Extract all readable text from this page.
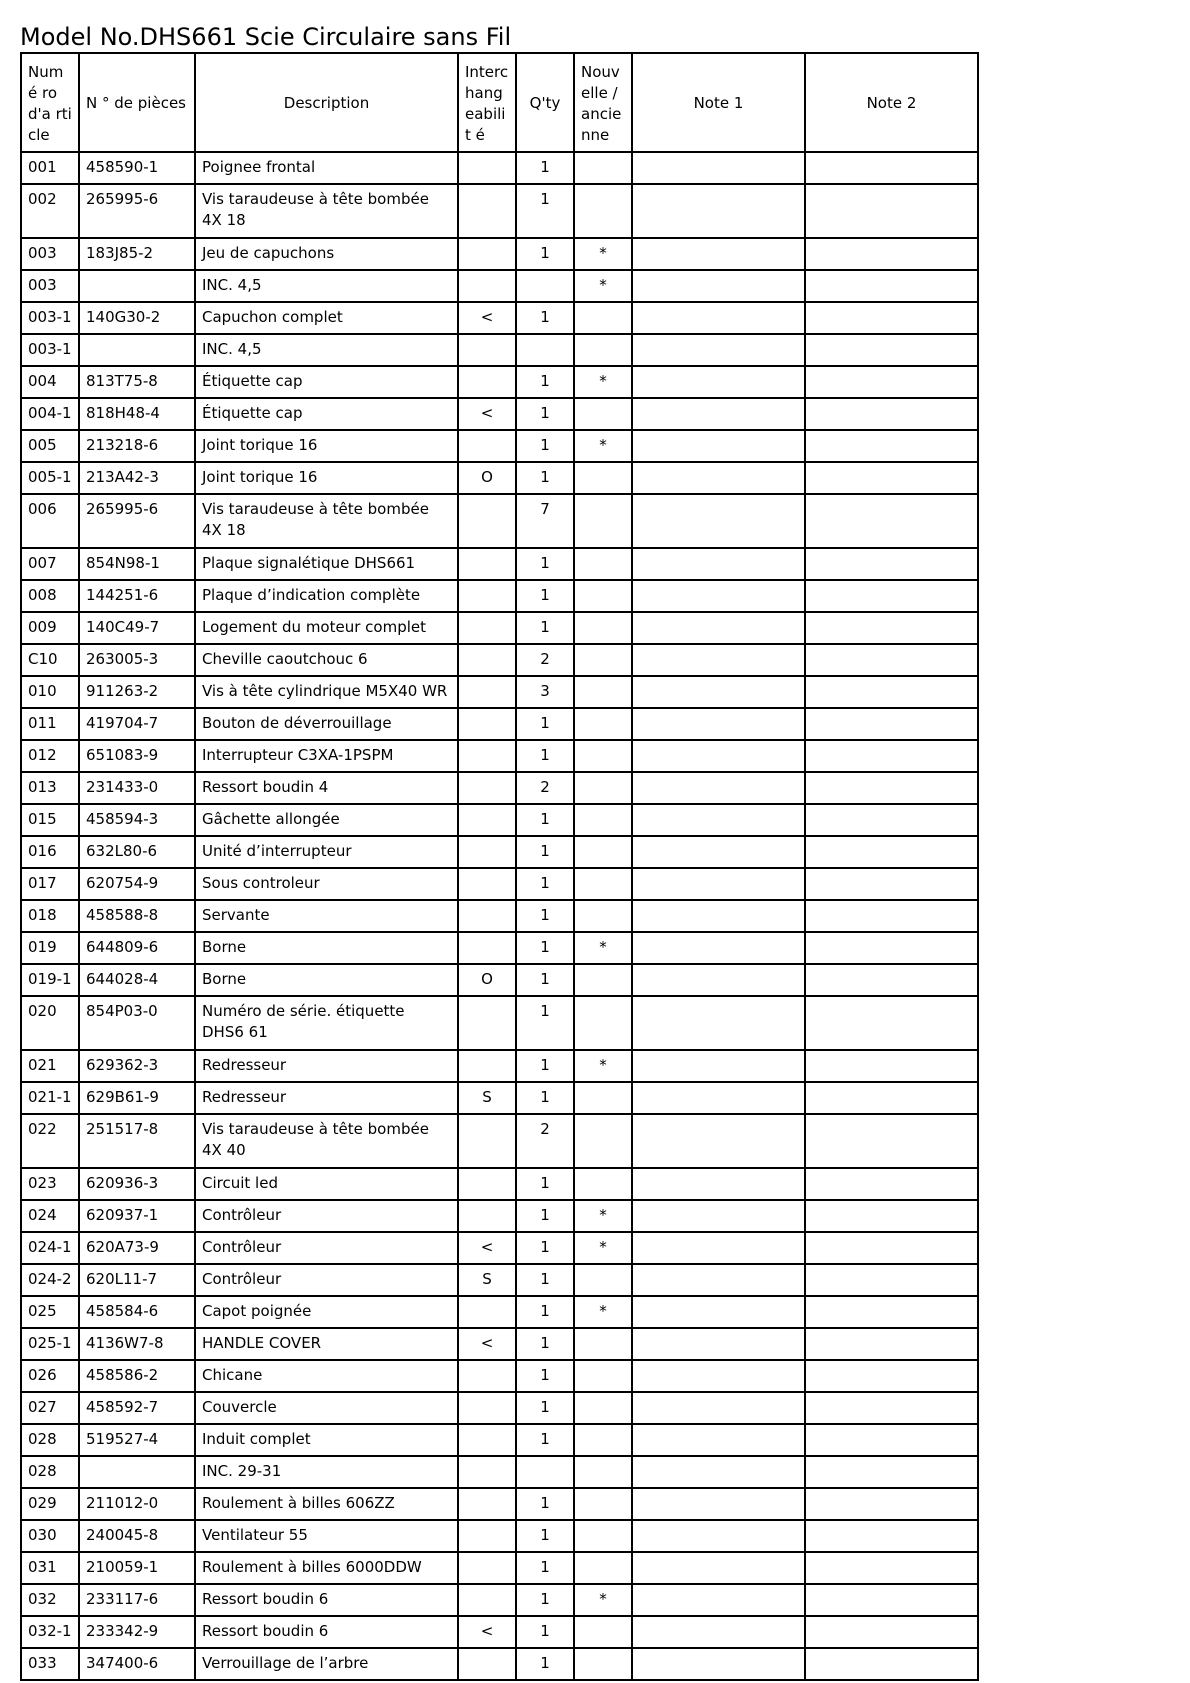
Model No.DHS661 Scie Circulaire sans Fil
Numé ro d'a rticle	N ° de pièces	Description	Interc hang eabilit é	Q'ty	Nouv elle / ancie nne	Note 1	Note 2
001	458590-1	Poignee frontal		1			
002	265995-6	Vis taraudeuse à tête bombée 4X 18		1			
003	183J85-2	Jeu de capuchons		1	*		
003		INC. 4,5			*		
003-1	140G30-2	Capuchon complet	<	1			
003-1		INC. 4,5					
004	813T75-8	Étiquette cap		1	*		
004-1	818H48-4	Étiquette cap	<	1			
005	213218-6	Joint torique 16		1	*		
005-1	213A42-3	Joint torique 16	O	1			
006	265995-6	Vis taraudeuse à tête bombée 4X 18		7			
007	854N98-1	Plaque signalétique DHS661		1			
008	144251-6	Plaque d’indication complète		1			
009	140C49-7	Logement du moteur complet		1			
C10	263005-3	Cheville caoutchouc 6		2			
010	911263-2	Vis à tête cylindrique M5X40 WR		3			
011	419704-7	Bouton de déverrouillage		1			
012	651083-9	Interrupteur C3XA-1PSPM		1			
013	231433-0	Ressort boudin 4		2			
015	458594-3	Gâchette allongée		1			
016	632L80-6	Unité d’interrupteur		1			
017	620754-9	Sous controleur		1			
018	458588-8	Servante		1			
019	644809-6	Borne		1	*		
019-1	644028-4	Borne	O	1			
020	854P03-0	Numéro de série. étiquette DHS6 61		1			
021	629362-3	Redresseur		1	*		
021-1	629B61-9	Redresseur	S	1			
022	251517-8	Vis taraudeuse à tête bombée 4X 40		2			
023	620936-3	Circuit led		1			
024	620937-1	Contrôleur		1	*		
024-1	620A73-9	Contrôleur	<	1	*		
024-2	620L11-7	Contrôleur	S	1			
025	458584-6	Capot poignée		1	*		
025-1	4136W7-8	HANDLE COVER	<	1			
026	458586-2	Chicane		1			
027	458592-7	Couvercle		1			
028	519527-4	Induit complet		1			
028		INC. 29-31					
029	211012-0	Roulement à billes 606ZZ		1			
030	240045-8	Ventilateur 55		1			
031	210059-1	Roulement à billes 6000DDW		1			
032	233117-6	Ressort boudin 6		1	*		
032-1	233342-9	Ressort boudin 6	<	1			
033	347400-6	Verrouillage de l’arbre		1			
